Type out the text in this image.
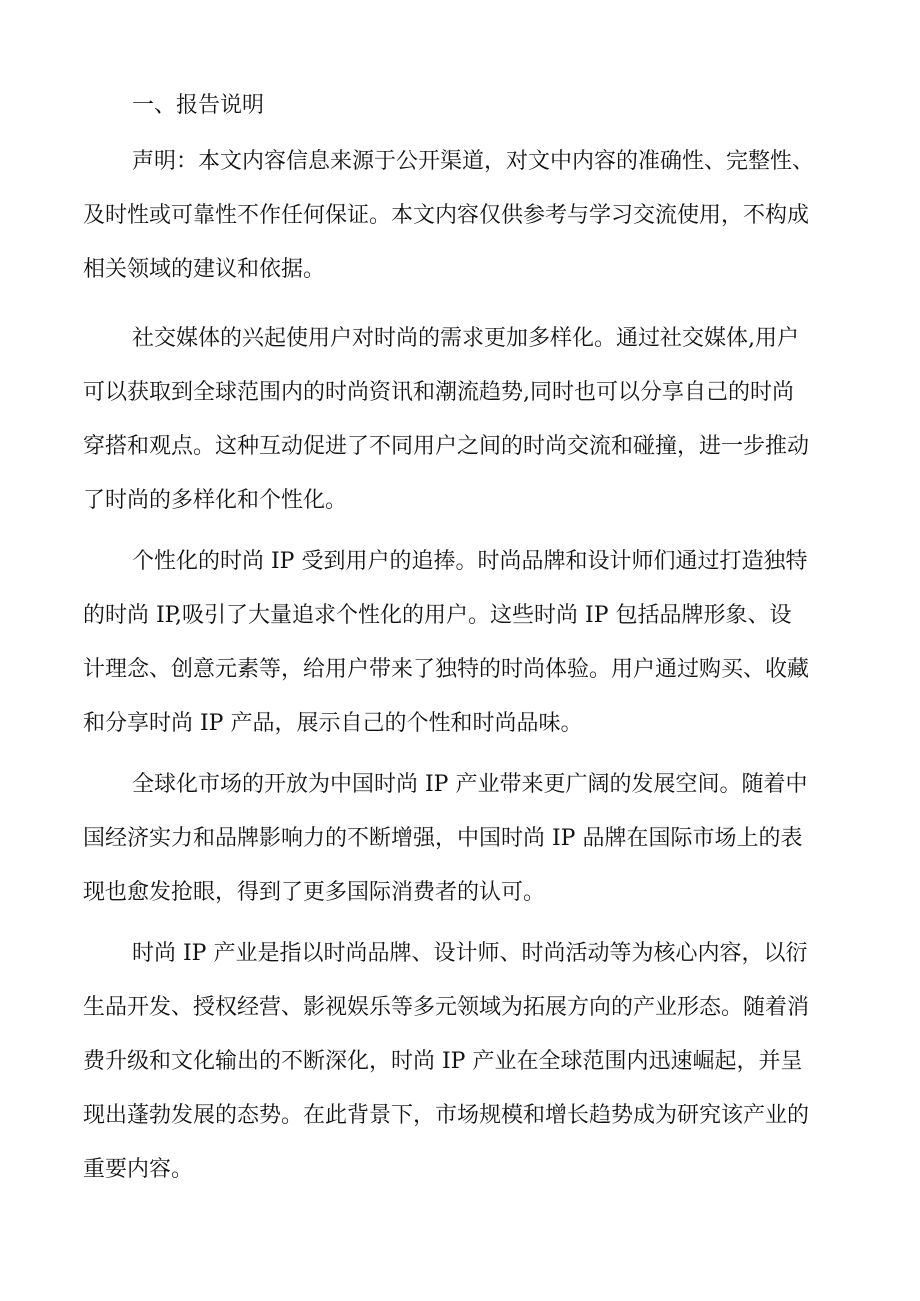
一、报告说明

声明：本文内容信息来源于公开渠道，对文中内容的准确性、完整性、

及时性或可靠性不作任何保证。本文内容仅供参考与学习交流使用，不构成

相关领域的建议和依据。

社交媒体的兴起使用户对时尚的需求更加多样化。通过社交媒体,用户

可以获取到全球范围内的时尚资讯和潮流趋势,同时也可以分享自己的时尚

穿搭和观点。这种互动促进了不同用户之间的时尚交流和碰撞，进一步推动

了时尚的多样化和个性化。

个性化的时尚 IP 受到用户的追捧。时尚品牌和设计师们通过打造独特

的时尚 IP,吸引了大量追求个性化的用户。这些时尚 IP 包括品牌形象、设

计理念、创意元素等，给用户带来了独特的时尚体验。用户通过购买、收藏

和分享时尚 IP 产品，展示自己的个性和时尚品味。

全球化市场的开放为中国时尚 IP 产业带来更广阔的发展空间。随着中

国经济实力和品牌影响力的不断增强，中国时尚 IP 品牌在国际市场上的表

现也愈发抢眼，得到了更多国际消费者的认可。

时尚 IP 产业是指以时尚品牌、设计师、时尚活动等为核心内容，以衍

生品开发、授权经营、影视娱乐等多元领域为拓展方向的产业形态。随着消

费升级和文化输出的不断深化，时尚 IP 产业在全球范围内迅速崛起，并呈

现出蓬勃发展的态势。在此背景下，市场规模和增长趋势成为研究该产业的

重要内容。
